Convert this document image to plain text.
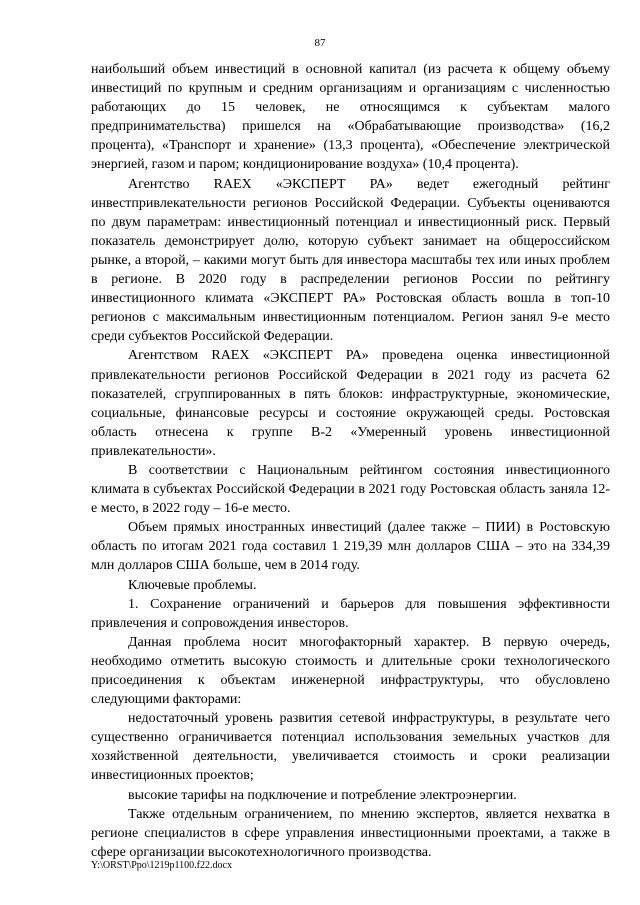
87

наибольший объем инвестиций в основной капитал (из расчета к общему объему инвестиций по крупным и средним организациям и организациям с численностью работающих до 15 человек, не относящимся к субъектам малого предпринимательства) пришелся на «Обрабатывающие производства» (16,2 процента), «Транспорт и хранение» (13,3 процента), «Обеспечение электрической энергией, газом и паром; кондиционирование воздуха» (10,4 процента).

Агентство RAEX «ЭКСПЕРТ РА» ведет ежегодный рейтинг инвестпривлекательности регионов Российской Федерации. Субъекты оцениваются по двум параметрам: инвестиционный потенциал и инвестиционный риск. Первый показатель демонстрирует долю, которую субъект занимает на общероссийском рынке, а второй, – какими могут быть для инвестора масштабы тех или иных проблем в регионе. В 2020 году в распределении регионов России по рейтингу инвестиционного климата «ЭКСПЕРТ РА» Ростовская область вошла в топ-10 регионов с максимальным инвестиционным потенциалом. Регион занял 9-е место среди субъектов Российской Федерации.

Агентством RAEX «ЭКСПЕРТ РА» проведена оценка инвестиционной привлекательности регионов Российской Федерации в 2021 году из расчета 62 показателей, сгруппированных в пять блоков: инфраструктурные, экономические, социальные, финансовые ресурсы и состояние окружающей среды. Ростовская область отнесена к группе В-2 «Умеренный уровень инвестиционной привлекательности».

В соответствии с Национальным рейтингом состояния инвестиционного климата в субъектах Российской Федерации в 2021 году Ростовская область заняла 12-е место, в 2022 году – 16-е место.

Объем прямых иностранных инвестиций (далее также – ПИИ) в Ростовскую область по итогам 2021 года составил 1 219,39 млн долларов США – это на 334,39 млн долларов США больше, чем в 2014 году.

Ключевые проблемы.

1. Сохранение ограничений и барьеров для повышения эффективности привлечения и сопровождения инвесторов.

Данная проблема носит многофакторный характер. В первую очередь, необходимо отметить высокую стоимость и длительные сроки технологического присоединения к объектам инженерной инфраструктуры, что обусловлено следующими факторами:

недостаточный уровень развития сетевой инфраструктуры, в результате чего существенно ограничивается потенциал использования земельных участков для хозяйственной деятельности, увеличивается стоимость и сроки реализации инвестиционных проектов;

высокие тарифы на подключение и потребление электроэнергии.

Также отдельным ограничением, по мнению экспертов, является нехватка в регионе специалистов в сфере управления инвестиционными проектами, а также в сфере организации высокотехнологичного производства.

Y:\ORST\Ppo\1219p1100.f22.docx
